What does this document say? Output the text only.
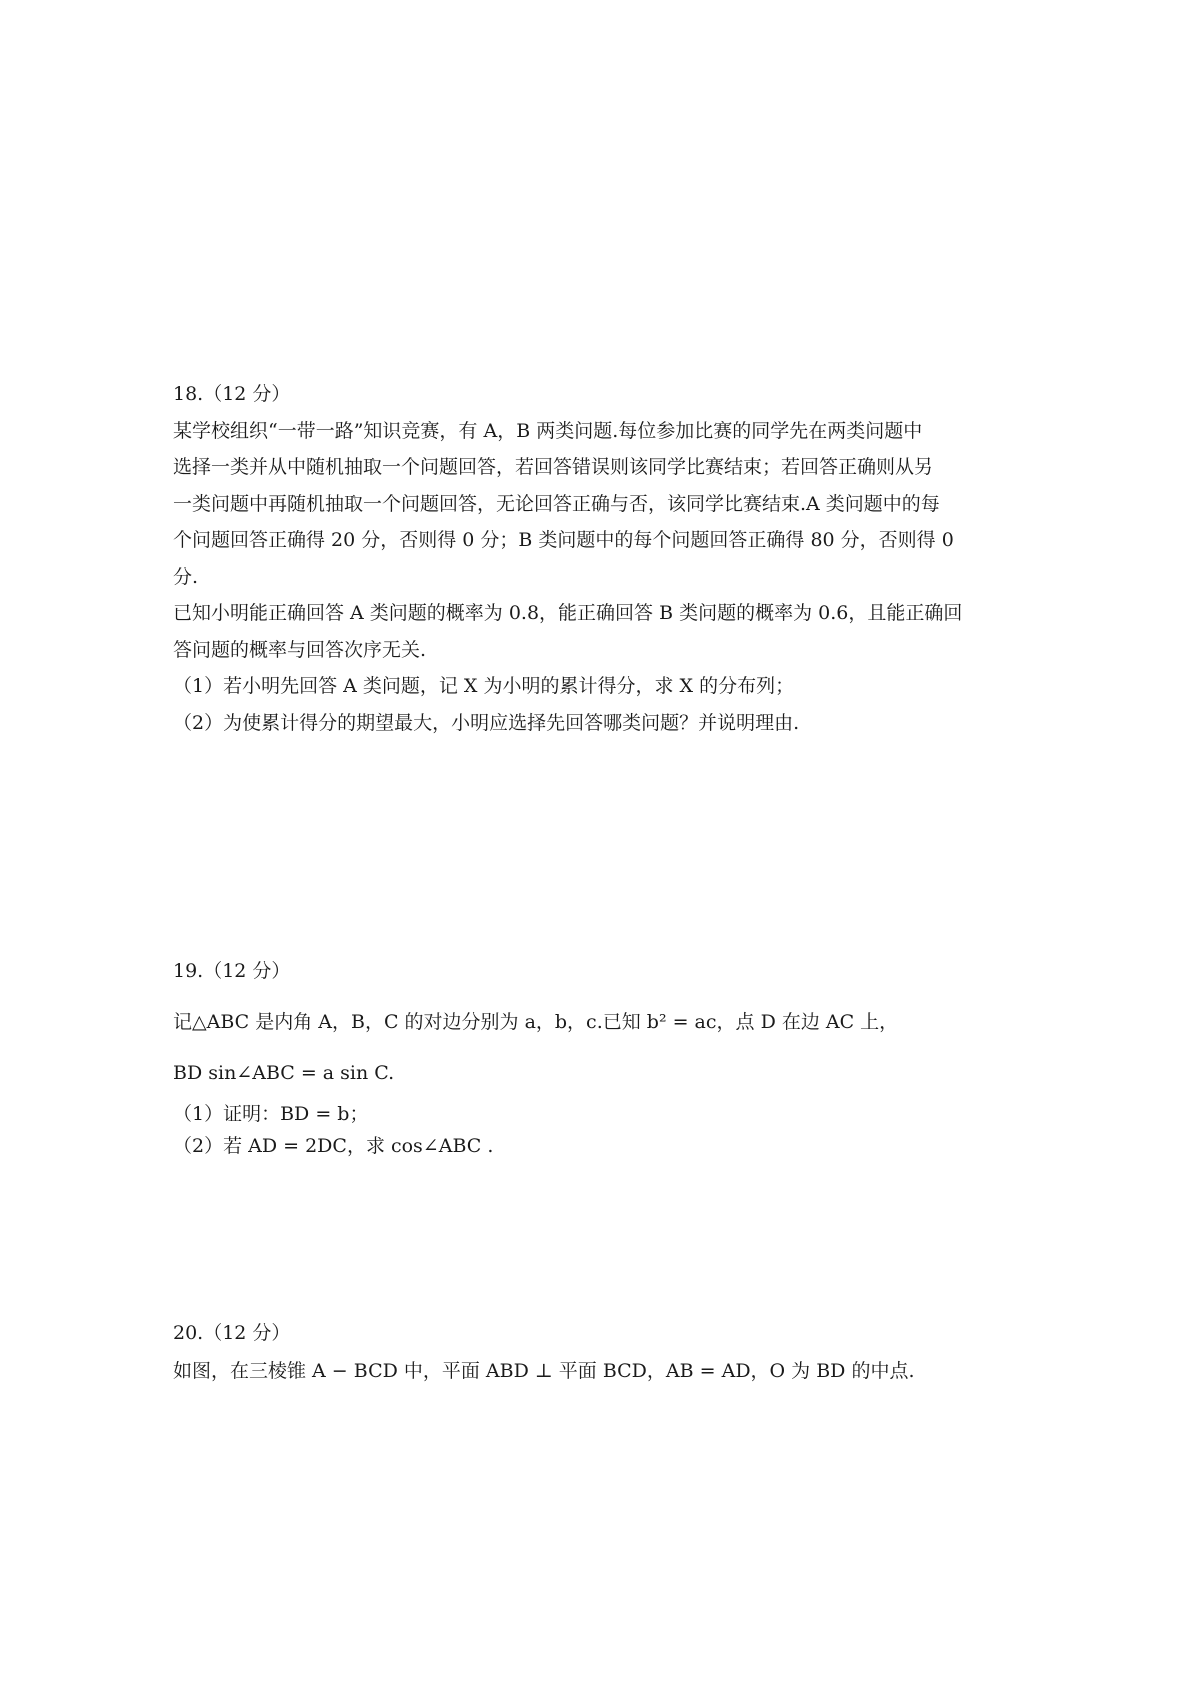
18.（12 分）
某学校组织“一带一路”知识竞赛，有 A，B 两类问题.每位参加比赛的同学先在两类问题中
选择一类并从中随机抽取一个问题回答，若回答错误则该同学比赛结束；若回答正确则从另
一类问题中再随机抽取一个问题回答，无论回答正确与否，该同学比赛结束.A 类问题中的每
个问题回答正确得 20 分，否则得 0 分；B 类问题中的每个问题回答正确得 80 分，否则得 0
分.
已知小明能正确回答 A 类问题的概率为 0.8，能正确回答 B 类问题的概率为 0.6，且能正确回
答问题的概率与回答次序无关.
（1）若小明先回答 A 类问题，记 X 为小明的累计得分，求 X 的分布列；
（2）为使累计得分的期望最大，小明应选择先回答哪类问题？并说明理由.
19.（12 分）
记△ABC 是内角 A，B，C 的对边分别为 a，b，c.已知 b² = ac，点 D 在边 AC 上，
BD sin∠ABC = a sin C.
（1）证明：BD = b；
（2）若 AD = 2DC，求 cos∠ABC .
20.（12 分）
如图，在三棱锥 A − BCD 中，平面 ABD ⊥ 平面 BCD，AB = AD，O 为 BD 的中点.
